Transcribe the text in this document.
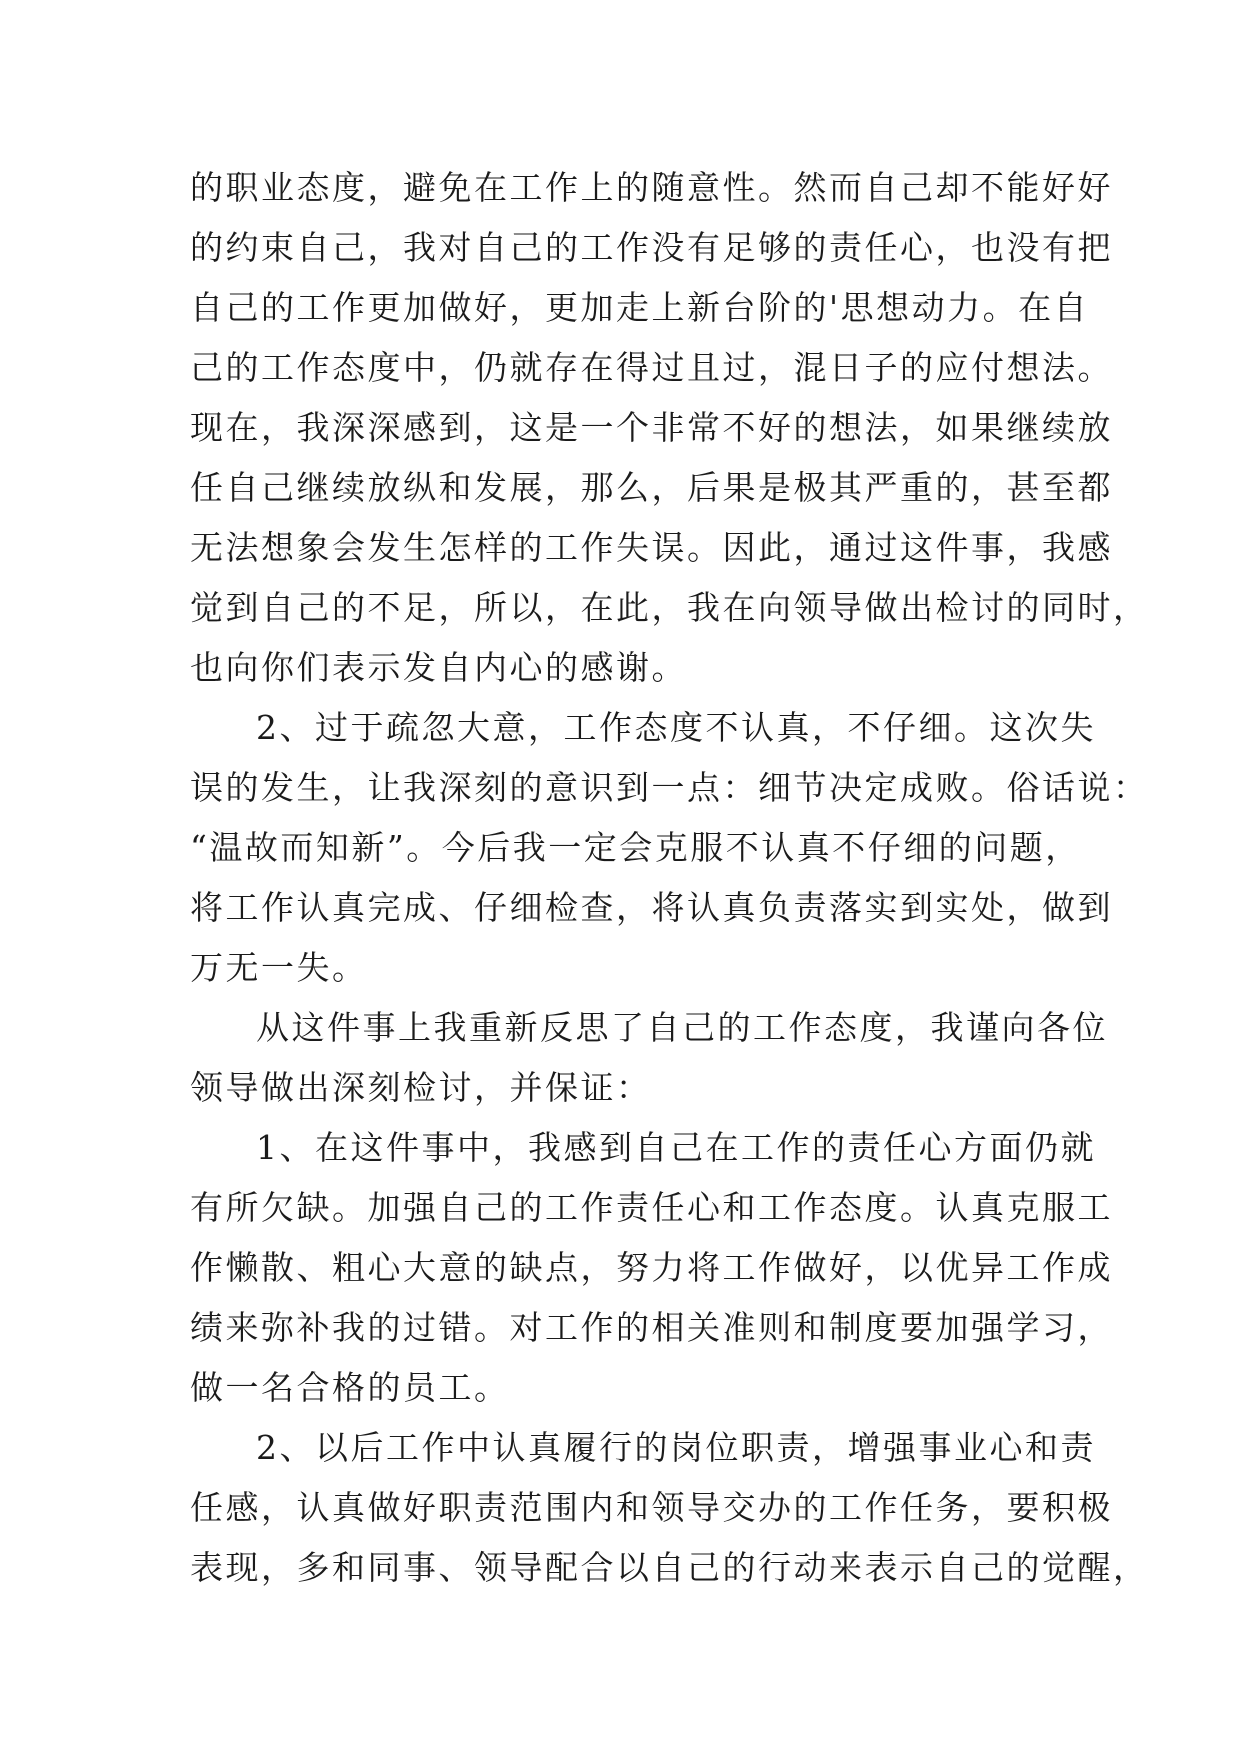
的职业态度，避免在工作上的随意性。然而自己却不能好好
的约束自己，我对自己的工作没有足够的责任心，也没有把
自己的工作更加做好，更加走上新台阶的'思想动力。在自
己的工作态度中，仍就存在得过且过，混日子的应付想法。
现在，我深深感到，这是一个非常不好的想法，如果继续放
任自己继续放纵和发展，那么，后果是极其严重的，甚至都
无法想象会发生怎样的工作失误。因此，通过这件事，我感
觉到自己的不足，所以，在此，我在向领导做出检讨的同时，
也向你们表示发自内心的感谢。
2、过于疏忽大意，工作态度不认真，不仔细。这次失
误的发生，让我深刻的意识到一点：细节决定成败。俗话说：
“温故而知新”。今后我一定会克服不认真不仔细的问题，
将工作认真完成、仔细检查，将认真负责落实到实处，做到
万无一失。
从这件事上我重新反思了自己的工作态度，我谨向各位
领导做出深刻检讨，并保证：
1、在这件事中，我感到自己在工作的责任心方面仍就
有所欠缺。加强自己的工作责任心和工作态度。认真克服工
作懒散、粗心大意的缺点，努力将工作做好，以优异工作成
绩来弥补我的过错。对工作的相关准则和制度要加强学习，
做一名合格的员工。
2、以后工作中认真履行的岗位职责，增强事业心和责
任感，认真做好职责范围内和领导交办的工作任务，要积极
表现，多和同事、领导配合以自己的行动来表示自己的觉醒，
